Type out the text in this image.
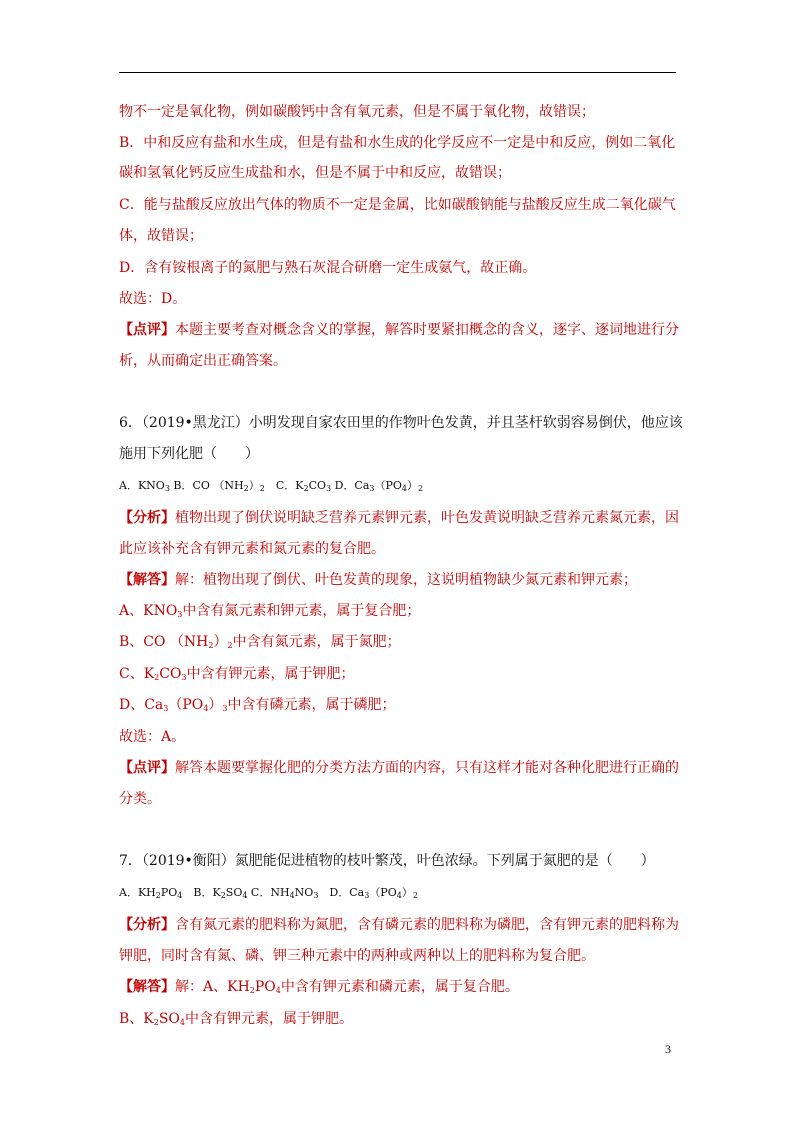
物不一定是氧化物，例如碳酸钙中含有氧元素，但是不属于氧化物，故错误；
B．中和反应有盐和水生成，但是有盐和水生成的化学反应不一定是中和反应，例如二氧化
碳和氢氧化钙反应生成盐和水，但是不属于中和反应，故错误；
C．能与盐酸反应放出气体的物质不一定是金属，比如碳酸钠能与盐酸反应生成二氧化碳气
体，故错误；
D．含有铵根离子的氮肥与熟石灰混合研磨一定生成氨气，故正确。
故选：D。
【点评】本题主要考查对概念含义的掌握，解答时要紧扣概念的含义，逐字、逐词地进行分
析，从而确定出正确答案。
6．（2019•黑龙江）小明发现自家农田里的作物叶色发黄，并且茎杆软弱容易倒伏，他应该
施用下列化肥（　　）
A．$KNO_3$ B．CO $(NH_2)_2$　C．$K_2CO_3$ D．$Ca_3(PO_4)_2$
【分析】植物出现了倒伏说明缺乏营养元素钾元素，叶色发黄说明缺乏营养元素氮元素，因
此应该补充含有钾元素和氮元素的复合肥。
【解答】解：植物出现了倒伏、叶色发黄的现象，这说明植物缺少氮元素和钾元素；
A、$KNO_3$中含有氮元素和钾元素，属于复合肥；
B、CO $(NH_2)_2$中含有氮元素，属于氮肥；
C、$K_2CO_3$中含有钾元素，属于钾肥；
D、$Ca_3(PO_4)_3$中含有磷元素，属于磷肥；
故选：A。
【点评】解答本题要掌握化肥的分类方法方面的内容，只有这样才能对各种化肥进行正确的
分类。
7．（2019•衡阳）氮肥能促进植物的枝叶繁茂，叶色浓绿。下列属于氮肥的是（　　）
A．$KH_2PO_4$　B．$K_2SO_4$ C．$NH_4NO_3$　D．$Ca_3(PO_4)_2$
【分析】含有氮元素的肥料称为氮肥，含有磷元素的肥料称为磷肥，含有钾元素的肥料称为
钾肥，同时含有氮、磷、钾三种元素中的两种或两种以上的肥料称为复合肥。
【解答】解：A、$KH_2PO_4$中含有钾元素和磷元素，属于复合肥。
B、$K_2SO_4$中含有钾元素，属于钾肥。
3
